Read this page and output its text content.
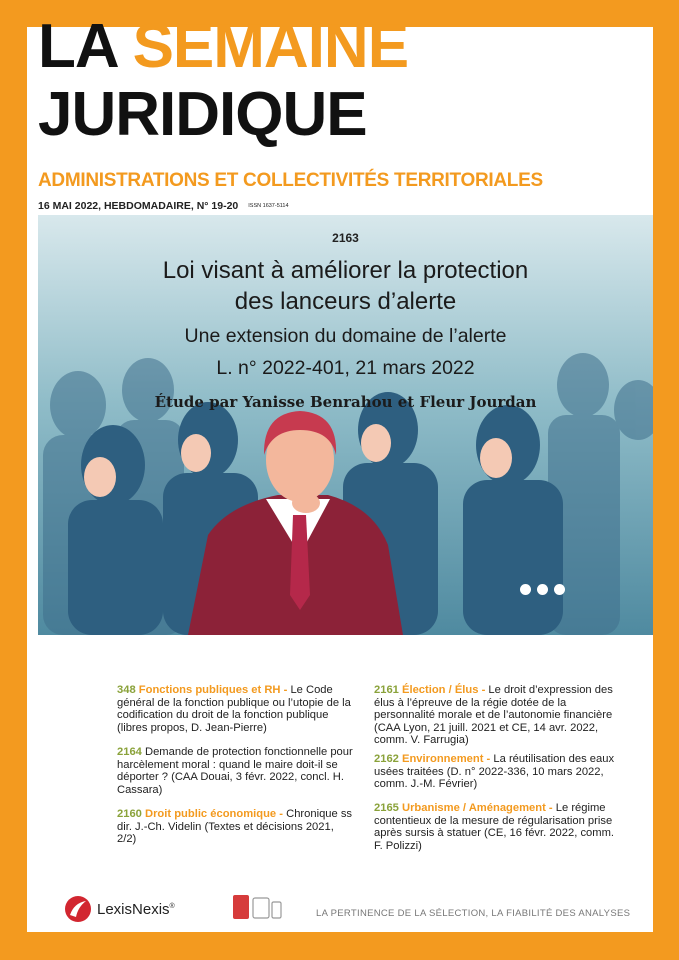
LA SEMAINE
JURIDIQUE
ADMINISTRATIONS ET COLLECTIVITÉS TERRITORIALES
16 MAI 2022, HEBDOMADAIRE, N° 19-20 ISSN 1637-5114
2163
Loi visant à améliorer la protection
des lanceurs d’alerte
Une extension du domaine de l’alerte
L. n° 2022-401, 21 mars 2022
Étude par Yanisse Benrahou et Fleur Jourdan
348 Fonctions publiques et RH - Le Code général de la fonction publique ou l’utopie de la codification du droit de la fonction publique (libres propos, D. Jean-Pierre)
2164 Demande de protection fonctionnelle pour harcèlement moral : quand le maire doit-il se déporter ? (CAA Douai, 3 févr. 2022, concl. H. Cassara)
2160 Droit public économique - Chronique ss dir. J.-Ch. Videlin (Textes et décisions 2021, 2/2)
2161 Élection / Élus - Le droit d’expression des élus à l’épreuve de la régie dotée de la personnalité morale et de l’autonomie financière (CAA Lyon, 21 juill. 2021 et CE, 14 avr. 2022, comm. V. Farrugia)
2162 Environnement - La réutilisation des eaux usées traitées (D. n° 2022-336, 10 mars 2022, comm. J.-M. Février)
2165 Urbanisme / Aménagement - Le régime contentieux de la mesure de régularisation prise après sursis à statuer (CE, 16 févr. 2022, comm. F. Polizzi)
LexisNexis®
LA PERTINENCE DE LA SÉLECTION, LA FIABILITÉ DES ANALYSES
